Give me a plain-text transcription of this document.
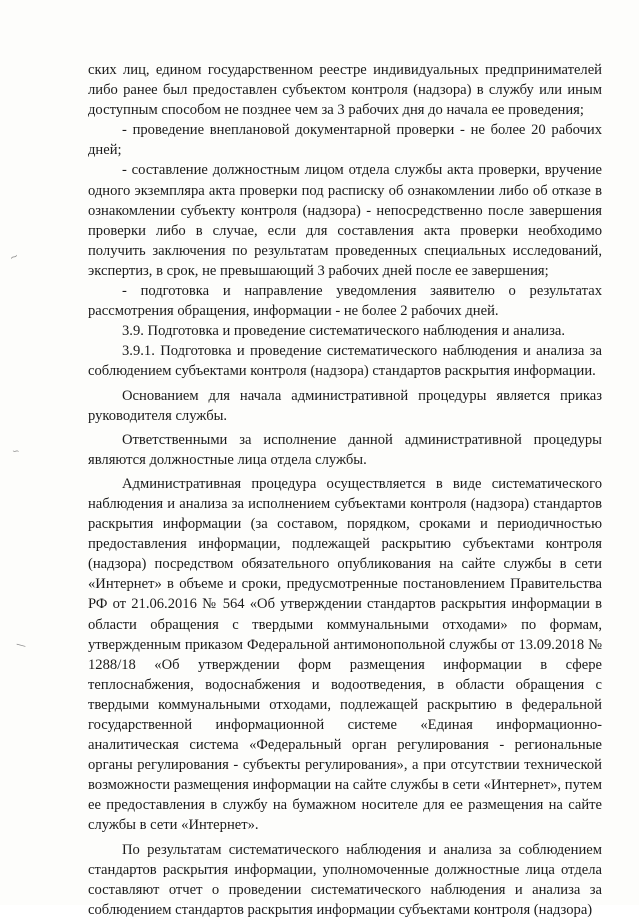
~
∽
—

ских лиц, едином государственном реестре индивидуальных предпринимателей либо ранее был предоставлен субъектом контроля (надзора) в службу или иным доступным способом не позднее чем за 3 рабочих дня до начала ее проведения;

- проведение внеплановой документарной проверки - не более 20 рабочих дней;

- составление должностным лицом отдела службы акта проверки, вручение одного экземпляра акта проверки под расписку об ознакомлении либо об отказе в ознакомлении субъекту контроля (надзора) - непосредственно после завершения проверки либо в случае, если для составления акта проверки необходимо получить заключения по результатам проведенных специальных исследований, экспертиз, в срок, не превышающий 3 рабочих дней после ее завершения;

- подготовка и направление уведомления заявителю о результатах рассмотрения обращения, информации - не более 2 рабочих дней.

3.9. Подготовка и проведение систематического наблюдения и анализа.

3.9.1. Подготовка и проведение систематического наблюдения и анализа за соблюдением субъектами контроля (надзора) стандартов раскрытия информации.

Основанием для начала административной процедуры является приказ руководителя службы.

Ответственными за исполнение данной административной процедуры являются должностные лица отдела службы.

Административная процедура осуществляется в виде систематического наблюдения и анализа за исполнением субъектами контроля (надзора) стандартов раскрытия информации (за составом, порядком, сроками и периодичностью предоставления информации, подлежащей раскрытию субъектами контроля (надзора) посредством обязательного опубликования на сайте службы в сети «Интернет» в объеме и сроки, предусмотренные постановлением Правительства РФ от 21.06.2016 № 564 «Об утверждении стандартов раскрытия информации в области обращения с твердыми коммунальными отходами» по формам, утвержденным приказом Федеральной антимонопольной службы от 13.09.2018 № 1288/18 «Об утверждении форм размещения информации в сфере теплоснабжения, водоснабжения и водоотведения, в области обращения с твердыми коммунальными отходами, подлежащей раскрытию в федеральной государственной информационной системе «Единая информационно-аналитическая система «Федеральный орган регулирования - региональные органы регулирования - субъекты регулирования», а при отсутствии технической возможности размещения информации на сайте службы в сети «Интернет», путем ее предоставления в службу на бумажном носителе для ее размещения на сайте службы в сети «Интернет».

По результатам систематического наблюдения и анализа за соблюдением стандартов раскрытия информации, уполномоченные должностные лица отдела составляют отчет о проведении систематического наблюдения и анализа за соблюдением стандартов раскрытия информации субъектами контроля (надзора)
